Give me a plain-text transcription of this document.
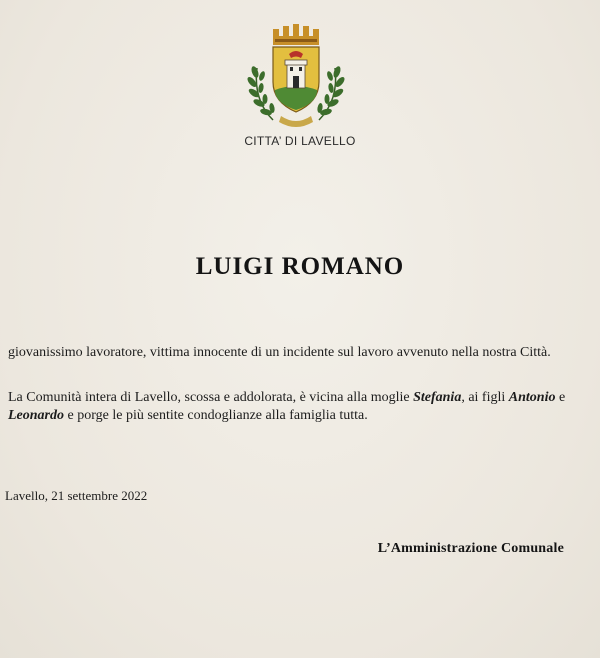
CITTA’ DI LAVELLO
LUIGI ROMANO
giovanissimo lavoratore, vittima innocente di un incidente sul lavoro avvenuto nella nostra Città.
La Comunità intera di Lavello, scossa e addolorata, è vicina alla moglie Stefania, ai figli Antonio e Leonardo e porge le più sentite condoglianze alla famiglia tutta.
Lavello, 21 settembre 2022
L’Amministrazione Comunale
